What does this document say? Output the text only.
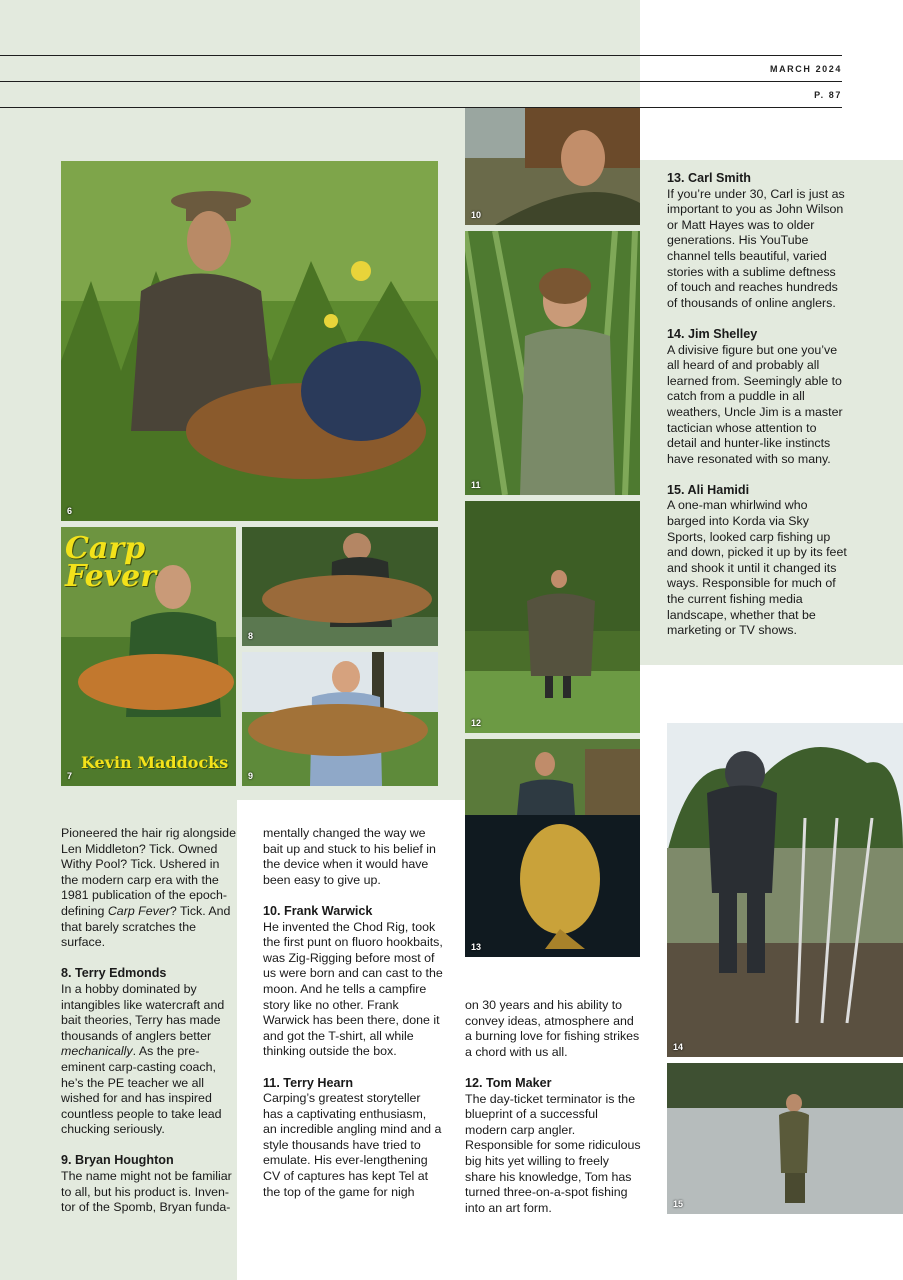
MARCH 2024
P. 87
6
Carp
Fever
Kevin Maddocks
7
8
9
10
11
12
13
14
15

Pioneered the hair rig alongside Len Middleton? Tick. Owned Withy Pool? Tick. Ushered in the modern carp era with the 1981 publication of the epoch-defining Carp Fever? Tick. And that barely scratches the surface.

8. Terry Edmonds
In a hobby dominated by intangibles like watercraft and bait theories, Terry has made thousands of anglers better mechanically. As the pre-eminent carp-casting coach, he’s the PE teacher we all wished for and has inspired countless people to take lead chucking seriously.

9. Bryan Houghton
The name might not be familiar to all, but his product is. Inven-tor of the Spomb, Bryan funda-

mentally changed the way we bait up and stuck to his belief in the device when it would have been easy to give up.

10. Frank Warwick
He invented the Chod Rig, took the first punt on fluoro hookbaits, was Zig-Rigging before most of us were born and can cast to the moon. And he tells a campfire story like no other. Frank Warwick has been there, done it and got the T-shirt, all while thinking outside the box.

11. Terry Hearn
Carping’s greatest storyteller has a captivating enthusiasm, an incredible angling mind and a style thousands have tried to emulate. His ever-lengthening CV of captures has kept Tel at the top of the game for nigh

on 30 years and his ability to convey ideas, atmosphere and a burning love for fishing strikes a chord with us all.

12. Tom Maker
The day-ticket terminator is the blueprint of a successful modern carp angler. Responsible for some ridiculous big hits yet willing to freely share his knowledge, Tom has turned three-on-a-spot fishing into an art form.

13. Carl Smith
If you’re under 30, Carl is just as important to you as John Wilson or Matt Hayes was to older generations. His YouTube channel tells beautiful, varied stories with a sublime deftness of touch and reaches hundreds of thousands of online anglers.

14. Jim Shelley
A divisive figure but one you’ve all heard of and probably all learned from. Seemingly able to catch from a puddle in all weathers, Uncle Jim is a master tactician whose attention to detail and hunter-like instincts have resonated with so many.

15. Ali Hamidi
A one-man whirlwind who barged into Korda via Sky Sports, looked carp fishing up and down, picked it up by its feet and shook it until it changed its ways. Responsible for much of the current fishing media landscape, whether that be marketing or TV shows.
